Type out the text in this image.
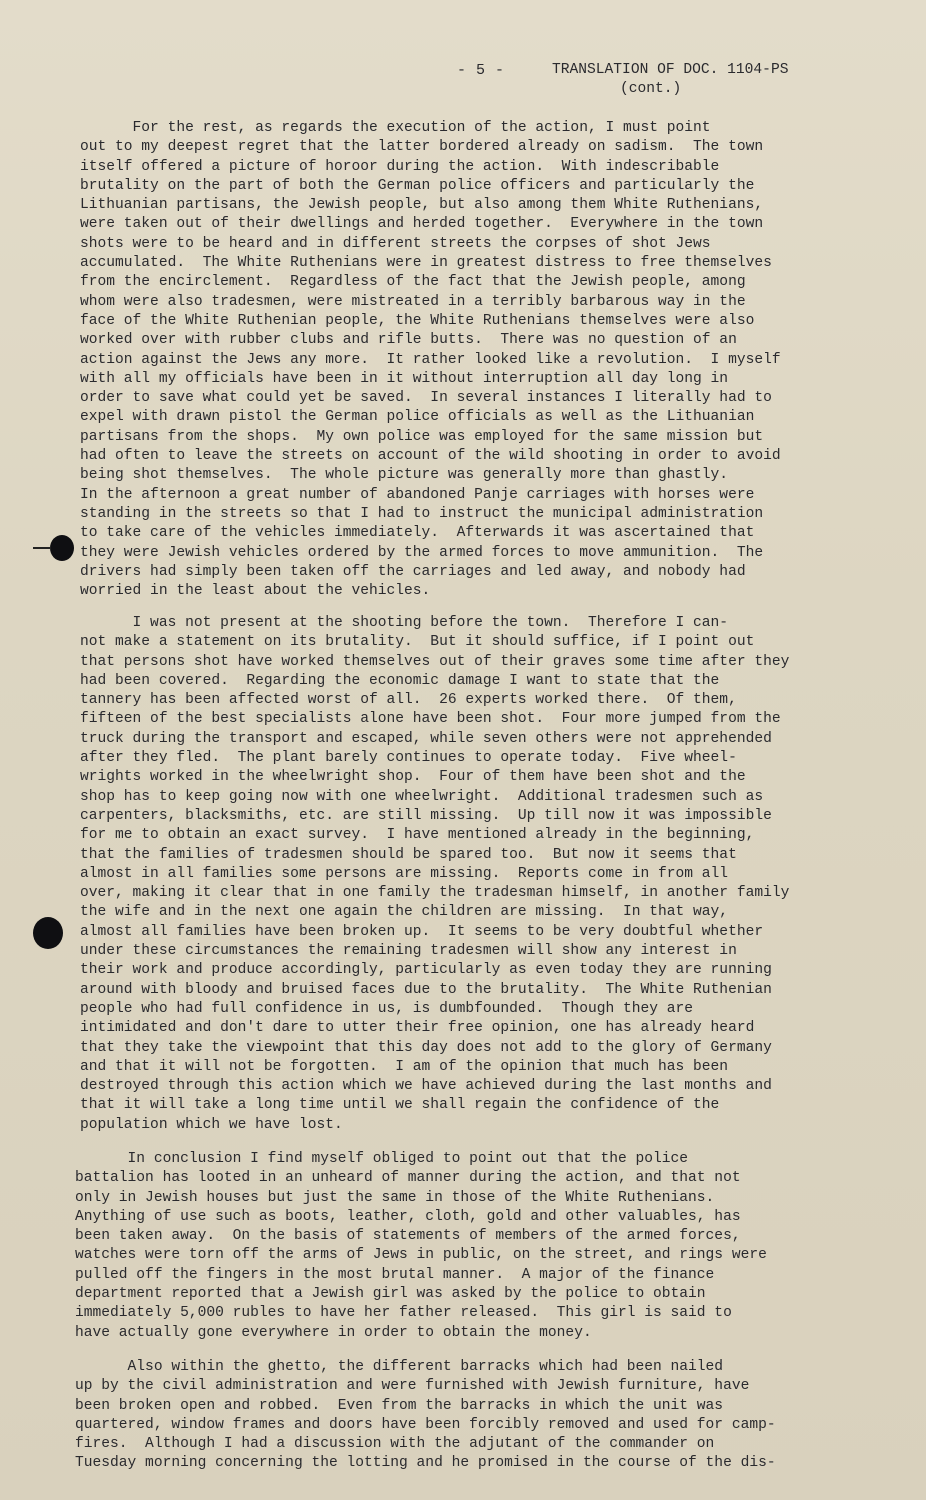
- 5 -	TRANSLATION OF DOC. 1104-PS
(cont.)
For the rest, as regards the execution of the action, I must point
out to my deepest regret that the latter bordered already on sadism.  The town
itself offered a picture of horoor during the action.  With indescribable
brutality on the part of both the German police officers and particularly the
Lithuanian partisans, the Jewish people, but also among them White Ruthenians,
were taken out of their dwellings and herded together.  Everywhere in the town
shots were to be heard and in different streets the corpses of shot Jews
accumulated.  The White Ruthenians were in greatest distress to free themselves
from the encirclement.  Regardless of the fact that the Jewish people, among
whom were also tradesmen, were mistreated in a terribly barbarous way in the
face of the White Ruthenian people, the White Ruthenians themselves were also
worked over with rubber clubs and rifle butts.  There was no question of an
action against the Jews any more.  It rather looked like a revolution.  I myself
with all my officials have been in it without interruption all day long in
order to save what could yet be saved.  In several instances I literally had to
expel with drawn pistol the German police officials as well as the Lithuanian
partisans from the shops.  My own police was employed for the same mission but
had often to leave the streets on account of the wild shooting in order to avoid
being shot themselves.  The whole picture was generally more than ghastly.
In the afternoon a great number of abandoned Panje carriages with horses were
standing in the streets so that I had to instruct the municipal administration
to take care of the vehicles immediately.  Afterwards it was ascertained that
they were Jewish vehicles ordered by the armed forces to move ammunition.  The
drivers had simply been taken off the carriages and led away, and nobody had
worried in the least about the vehicles.
I was not present at the shooting before the town.  Therefore I can-
not make a statement on its brutality.  But it should suffice, if I point out
that persons shot have worked themselves out of their graves some time after they
had been covered.  Regarding the economic damage I want to state that the
tannery has been affected worst of all.  26 experts worked there.  Of them,
fifteen of the best specialists alone have been shot.  Four more jumped from the
truck during the transport and escaped, while seven others were not apprehended
after they fled.  The plant barely continues to operate today.  Five wheel-
wrights worked in the wheelwright shop.  Four of them have been shot and the
shop has to keep going now with one wheelwright.  Additional tradesmen such as
carpenters, blacksmiths, etc. are still missing.  Up till now it was impossible
for me to obtain an exact survey.  I have mentioned already in the beginning,
that the families of tradesmen should be spared too.  But now it seems that
almost in all families some persons are missing.  Reports come in from all
over, making it clear that in one family the tradesman himself, in another family
the wife and in the next one again the children are missing.  In that way,
almost all families have been broken up.  It seems to be very doubtful whether
under these circumstances the remaining tradesmen will show any interest in
their work and produce accordingly, particularly as even today they are running
around with bloody and bruised faces due to the brutality.  The White Ruthenian
people who had full confidence in us, is dumbfounded.  Though they are
intimidated and don't dare to utter their free opinion, one has already heard
that they take the viewpoint that this day does not add to the glory of Germany
and that it will not be forgotten.  I am of the opinion that much has been
destroyed through this action which we have achieved during the last months and
that it will take a long time until we shall regain the confidence of the
population which we have lost.
In conclusion I find myself obliged to point out that the police
battalion has looted in an unheard of manner during the action, and that not
only in Jewish houses but just the same in those of the White Ruthenians.
Anything of use such as boots, leather, cloth, gold and other valuables, has
been taken away.  On the basis of statements of members of the armed forces,
watches were torn off the arms of Jews in public, on the street, and rings were
pulled off the fingers in the most brutal manner.  A major of the finance
department reported that a Jewish girl was asked by the police to obtain
immediately 5,000 rubles to have her father released.  This girl is said to
have actually gone everywhere in order to obtain the money.
Also within the ghetto, the different barracks which had been nailed
up by the civil administration and were furnished with Jewish furniture, have
been broken open and robbed.  Even from the barracks in which the unit was
quartered, window frames and doors have been forcibly removed and used for camp-
fires.  Although I had a discussion with the adjutant of the commander on
Tuesday morning concerning the lotting and he promised in the course of the dis-
